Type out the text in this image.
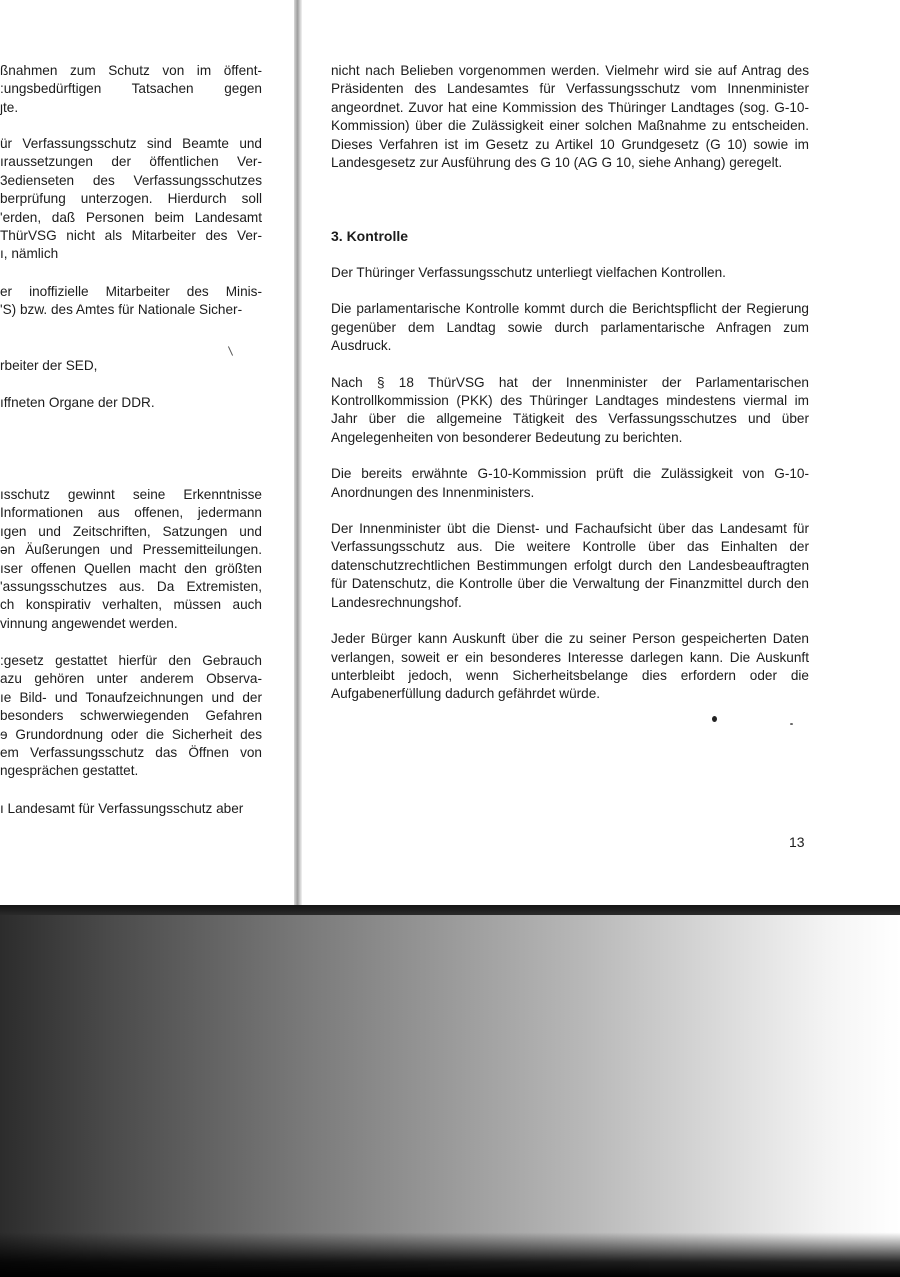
ßnahmen zum Schutz von im öffent-
:ungsbedürftigen Tatsachen gegen
ȷte.
ür Verfassungsschutz sind Beamte und
ıraussetzungen der öffentlichen Ver-
3edienseten des Verfassungsschutzes
berprüfung unterzogen. Hierdurch soll
'erden, daß Personen beim Landesamt
ThürVSG nicht als Mitarbeiter des Ver-
ı, nämlich
er inoffizielle Mitarbeiter des Minis-
'S) bzw. des Amtes für Nationale Sicher-
rbeiter der SED,
ıffneten Organe der DDR.
ısschutz gewinnt seine Erkenntnisse
Informationen aus offenen, jedermann
ıgen und Zeitschriften, Satzungen und
ən Äußerungen und Pressemitteilungen.
ıser offenen Quellen macht den größten
'assungsschutzes aus. Da Extremisten,
ch konspirativ verhalten, müssen auch
vinnung angewendet werden.
:gesetz gestattet hierfür den Gebrauch
azu gehören unter anderem Observa-
ıe Bild- und Tonaufzeichnungen und der
besonders schwerwiegenden Gefahren
ɘ Grundordnung oder die Sicherheit des
em Verfassungsschutz das Öffnen von
ngesprächen gestattet.
ı Landesamt für Verfassungsschutz aber

nicht nach Belieben vorgenommen werden. Vielmehr wird sie auf Antrag des Präsidenten des Landesamtes für Verfassungsschutz vom Innenminister angeordnet. Zuvor hat eine Kommission des Thüringer Landtages (sog. G-10-Kommission) über die Zulässigkeit einer solchen Maßnahme zu entscheiden. Dieses Verfahren ist im Gesetz zu Artikel 10 Grundgesetz (G 10) sowie im Landesgesetz zur Ausführung des G 10 (AG G 10, siehe Anhang) geregelt.

3. Kontrolle

Der Thüringer Verfassungsschutz unterliegt vielfachen Kontrollen.

Die parlamentarische Kontrolle kommt durch die Berichtspflicht der Regierung gegenüber dem Landtag sowie durch parlamentarische Anfragen zum Ausdruck.

Nach § 18 ThürVSG hat der Innenminister der Parlamentarischen Kontrollkommission (PKK) des Thüringer Landtages mindestens viermal im Jahr über die allgemeine Tätigkeit des Verfassungsschutzes und über Angelegenheiten von besonderer Bedeutung zu berichten.

Die bereits erwähnte G-10-Kommission prüft die Zulässigkeit von G-10-Anordnungen des Innenministers.

Der Innenminister übt die Dienst- und Fachaufsicht über das Landesamt für Verfassungsschutz aus. Die weitere Kontrolle über das Einhalten der datenschutzrechtlichen Bestimmungen erfolgt durch den Landesbeauftragten für Datenschutz, die Kontrolle über die Verwaltung der Finanzmittel durch den Landesrechnungshof.

Jeder Bürger kann Auskunft über die zu seiner Person gespeicherten Daten verlangen, soweit er ein besonderes Interesse darlegen kann. Die Auskunft unterbleibt jedoch, wenn Sicherheitsbelange dies erfordern oder die Aufgabenerfüllung dadurch gefährdet würde.

13
